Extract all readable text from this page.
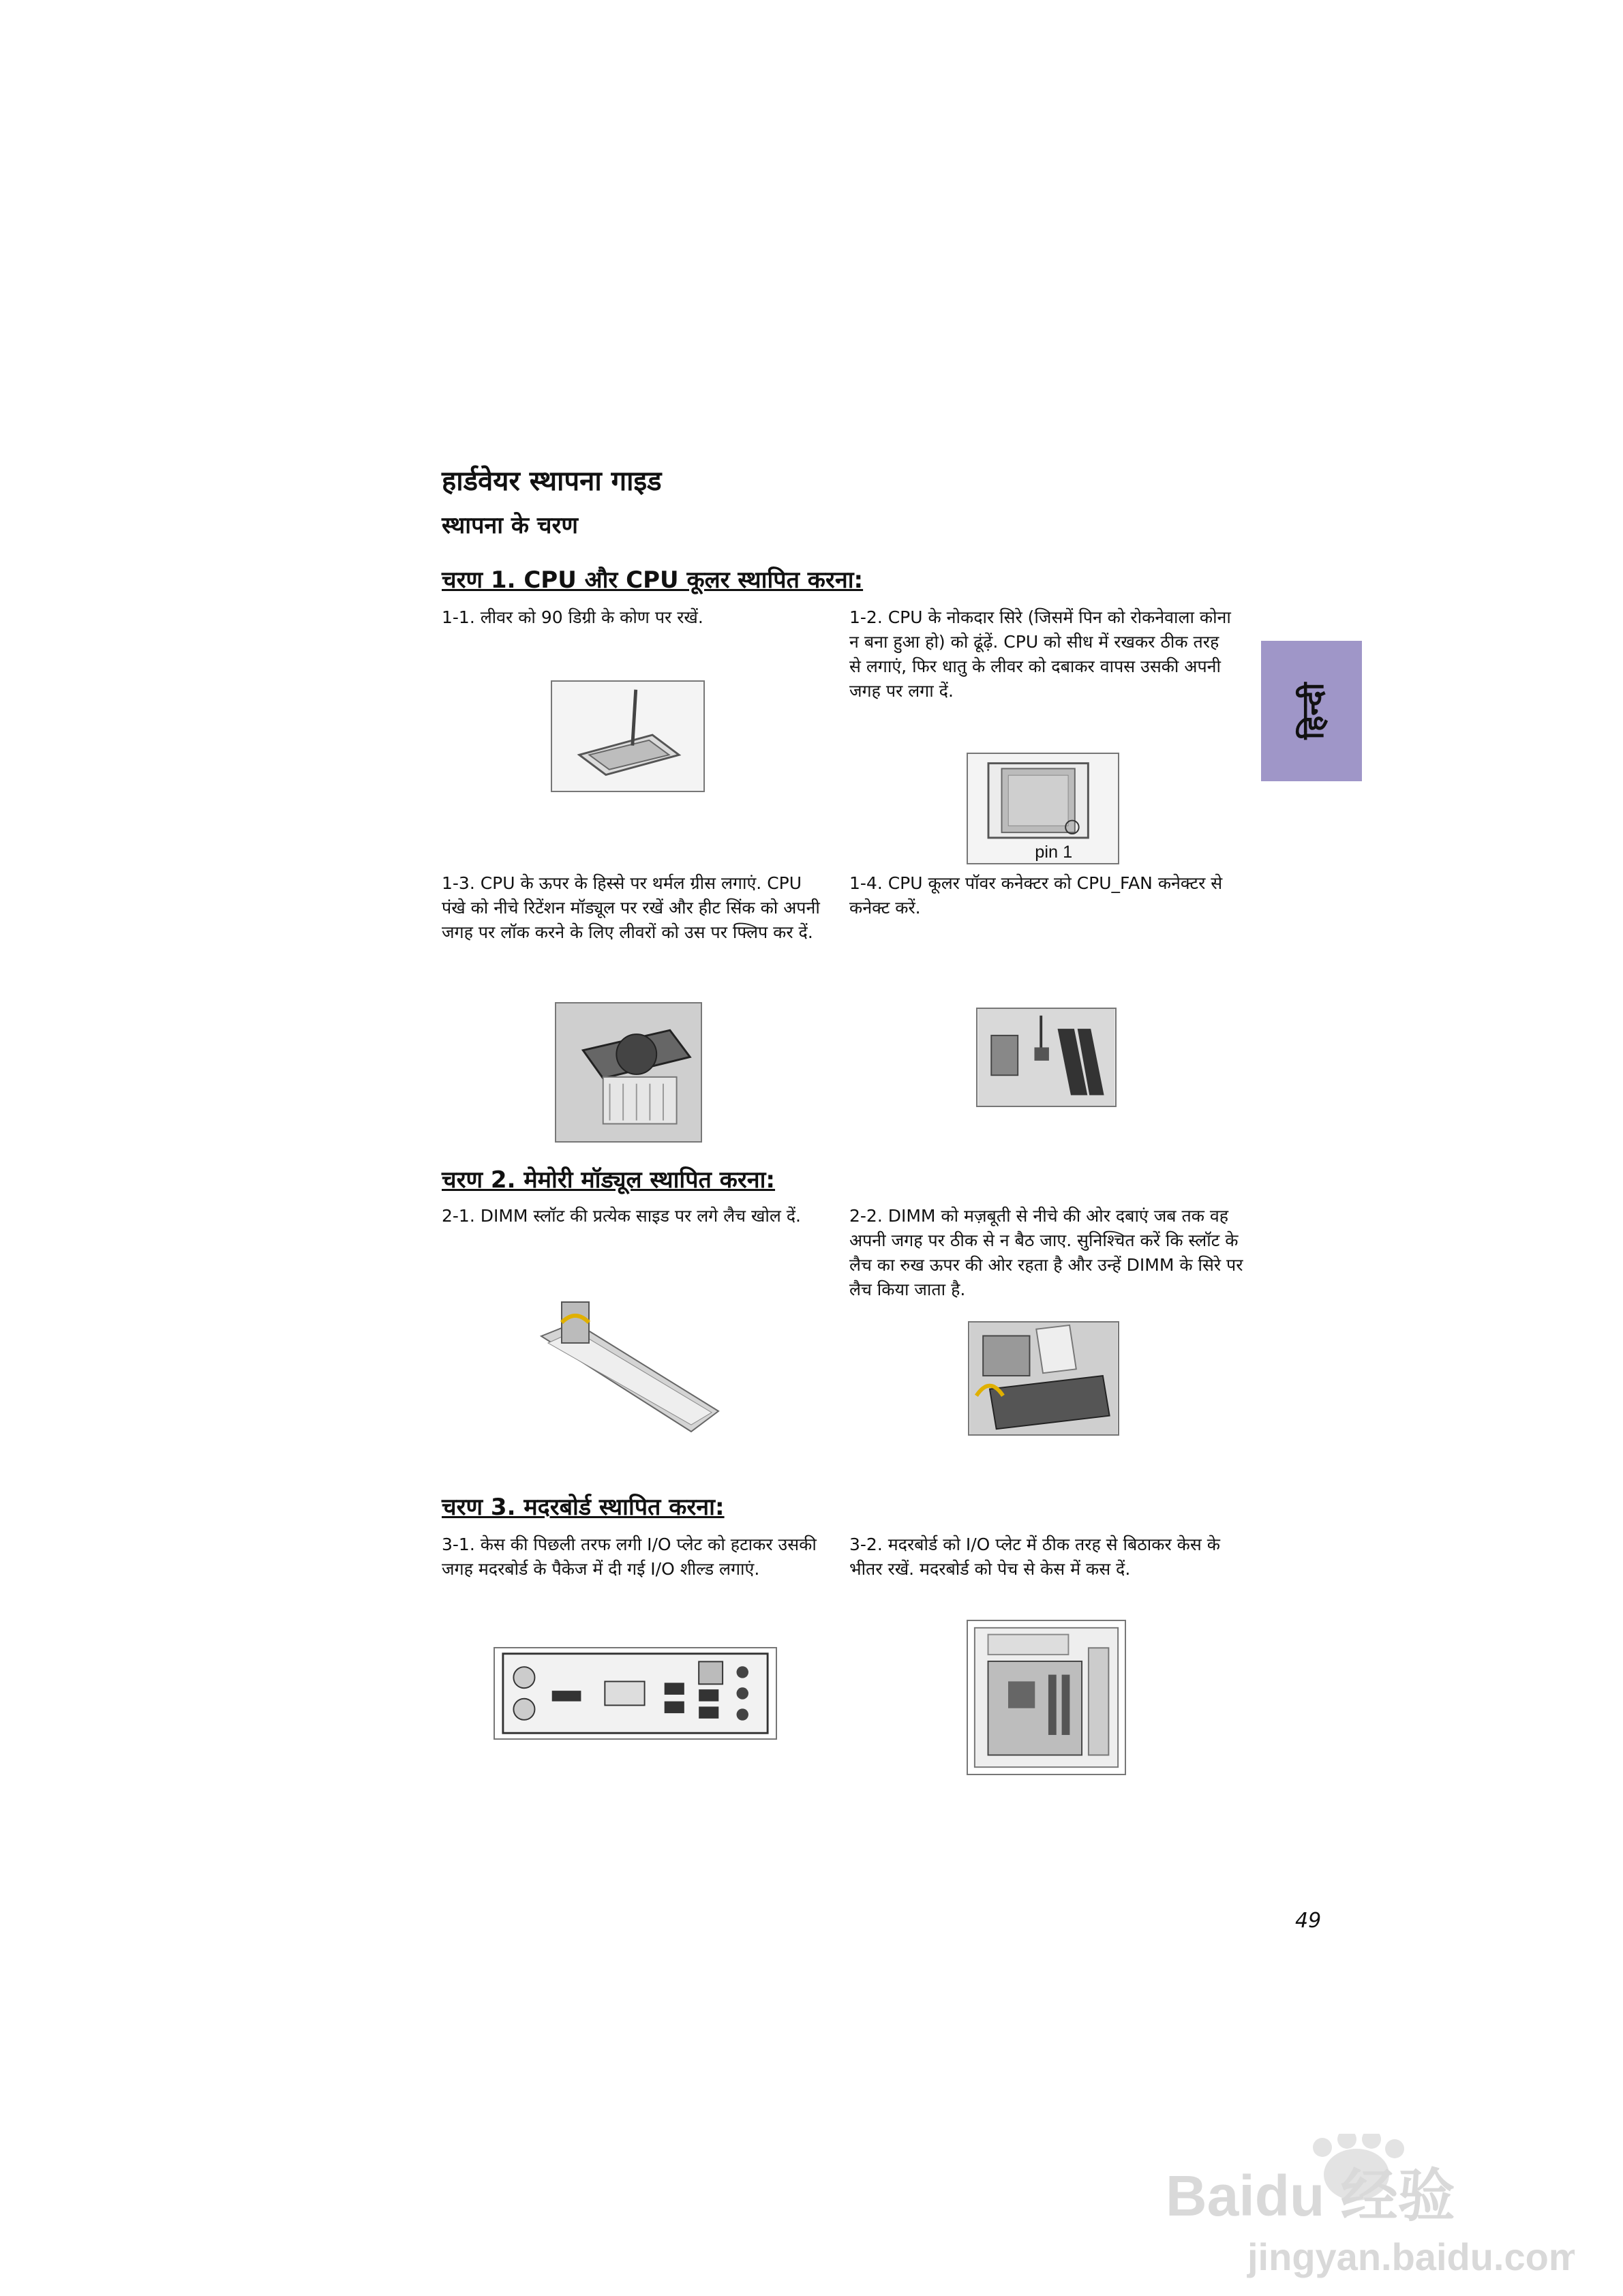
हार्डवेयर स्थापना गाइड
स्थापना के चरण
हिन्दी
चरण 1. CPU और CPU कूलर स्थापित करना:
1-1. लीवर को 90 डिग्री के कोण पर रखें.	1-2. CPU के नोकदार सिरे (जिसमें पिन को रोकनेवाला कोना न बना हुआ हो) को ढूंढ़ें. CPU को सीध में रखकर ठीक तरह से लगाएं, फिर धातु के लीवर को दबाकर वापस उसकी अपनी जगह पर लगा दें.
pin 1
1-3. CPU के ऊपर के हिस्से पर थर्मल ग्रीस लगाएं. CPU पंखे को नीचे रिटेंशन मॉड्यूल पर रखें और हीट सिंक को अपनी जगह पर लॉक करने के लिए लीवरों को उस पर फ्लिप कर दें.
1-4. CPU कूलर पॉवर कनेक्टर को CPU_FAN कनेक्टर से कनेक्ट करें.
चरण 2. मेमोरी मॉड्यूल स्थापित करना:
2-1. DIMM स्लॉट की प्रत्येक साइड पर लगे लैच खोल दें.	2-2. DIMM को मज़बूती से नीचे की ओर दबाएं जब तक वह अपनी जगह पर ठीक से न बैठ जाए. सुनिश्चित करें कि स्लॉट के लैच का रुख ऊपर की ओर रहता है और उन्हें DIMM के सिरे पर लैच किया जाता है.
चरण 3. मदरबोर्ड स्थापित करना:
3-1. केस की पिछली तरफ लगी I/O प्लेट को हटाकर उसकी जगह मदरबोर्ड के पैकेज में दी गई I/O शील्ड लगाएं.
3-2. मदरबोर्ड को I/O प्लेट में ठीक तरह से बिठाकर केस के भीतर रखें. मदरबोर्ड को पेच से केस में कस दें.
49
Baidu 经验
jingyan.baidu.com
